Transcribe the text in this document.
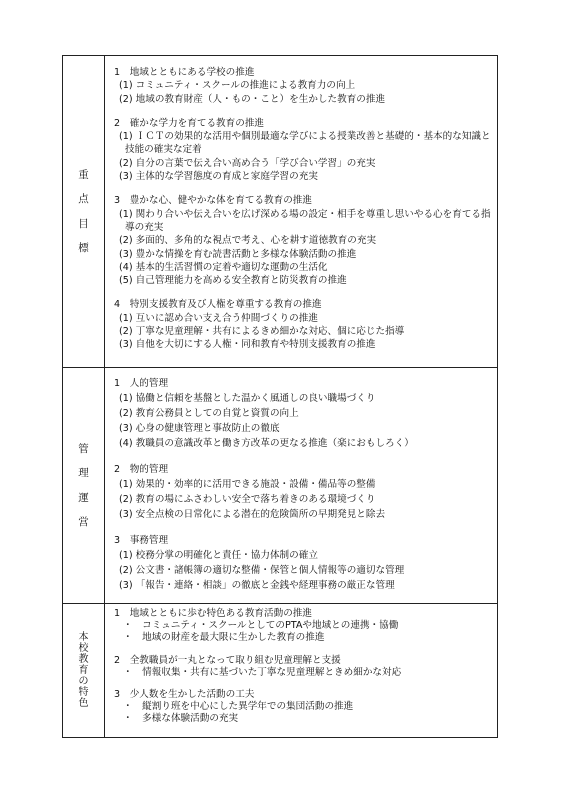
重
点
目
標
1　地域とともにある学校の推進
(1) コミュニティ・スクールの推進による教育力の向上
(2) 地域の教育財産（人・もの・こと）を生かした教育の推進
2　確かな学力を育てる教育の推進
(1) ＩＣＴの効果的な活用や個別最適な学びによる授業改善と基礎的・基本的な知識と技能の確実な定着
(2) 自分の言葉で伝え合い高め合う「学び合い学習」の充実
(3) 主体的な学習態度の育成と家庭学習の充実
3　豊かな心、健やかな体を育てる教育の推進
(1) 関わり合いや伝え合いを広げ深める場の設定・相手を尊重し思いやる心を育てる指導の充実
(2) 多面的、多角的な視点で考え、心を耕す道徳教育の充実
(3) 豊かな情操を育む読書活動と多様な体験活動の推進
(4) 基本的生活習慣の定着や適切な運動の生活化
(5) 自己管理能力を高める安全教育と防災教育の推進
4　特別支援教育及び人権を尊重する教育の推進
(1) 互いに認め合い支え合う仲間づくりの推進
(2) 丁寧な児童理解・共有によるきめ細かな対応、個に応じた指導
(3) 自他を大切にする人権・同和教育や特別支援教育の推進
管
理
運
営
1　人的管理
(1) 協働と信頼を基盤とした温かく風通しの良い職場づくり
(2) 教育公務員としての自覚と資質の向上
(3) 心身の健康管理と事故防止の徹底
(4) 教職員の意識改革と働き方改革の更なる推進（楽におもしろく）
2　物的管理
(1) 効果的・効率的に活用できる施設・設備・備品等の整備
(2) 教育の場にふさわしい安全で落ち着きのある環境づくり
(3) 安全点検の日常化による潜在的危険箇所の早期発見と除去
3　事務管理
(1) 校務分掌の明確化と責任・協力体制の確立
(2) 公文書・諸帳簿の適切な整備・保管と個人情報等の適切な管理
(3) 「報告・連絡・相談」の徹底と金銭や経理事務の厳正な管理
本
校
教
育
の
特
色
1　地域とともに歩む特色ある教育活動の推進
・　コミュニティ・スクールとしてのPTAや地域との連携・協働
・　地域の財産を最大限に生かした教育の推進
2　全教職員が一丸となって取り組む児童理解と支援
・　情報収集・共有に基づいた丁寧な児童理解ときめ細かな対応
3　少人数を生かした活動の工夫
・　縦割り班を中心にした異学年での集団活動の推進
・　多様な体験活動の充実
